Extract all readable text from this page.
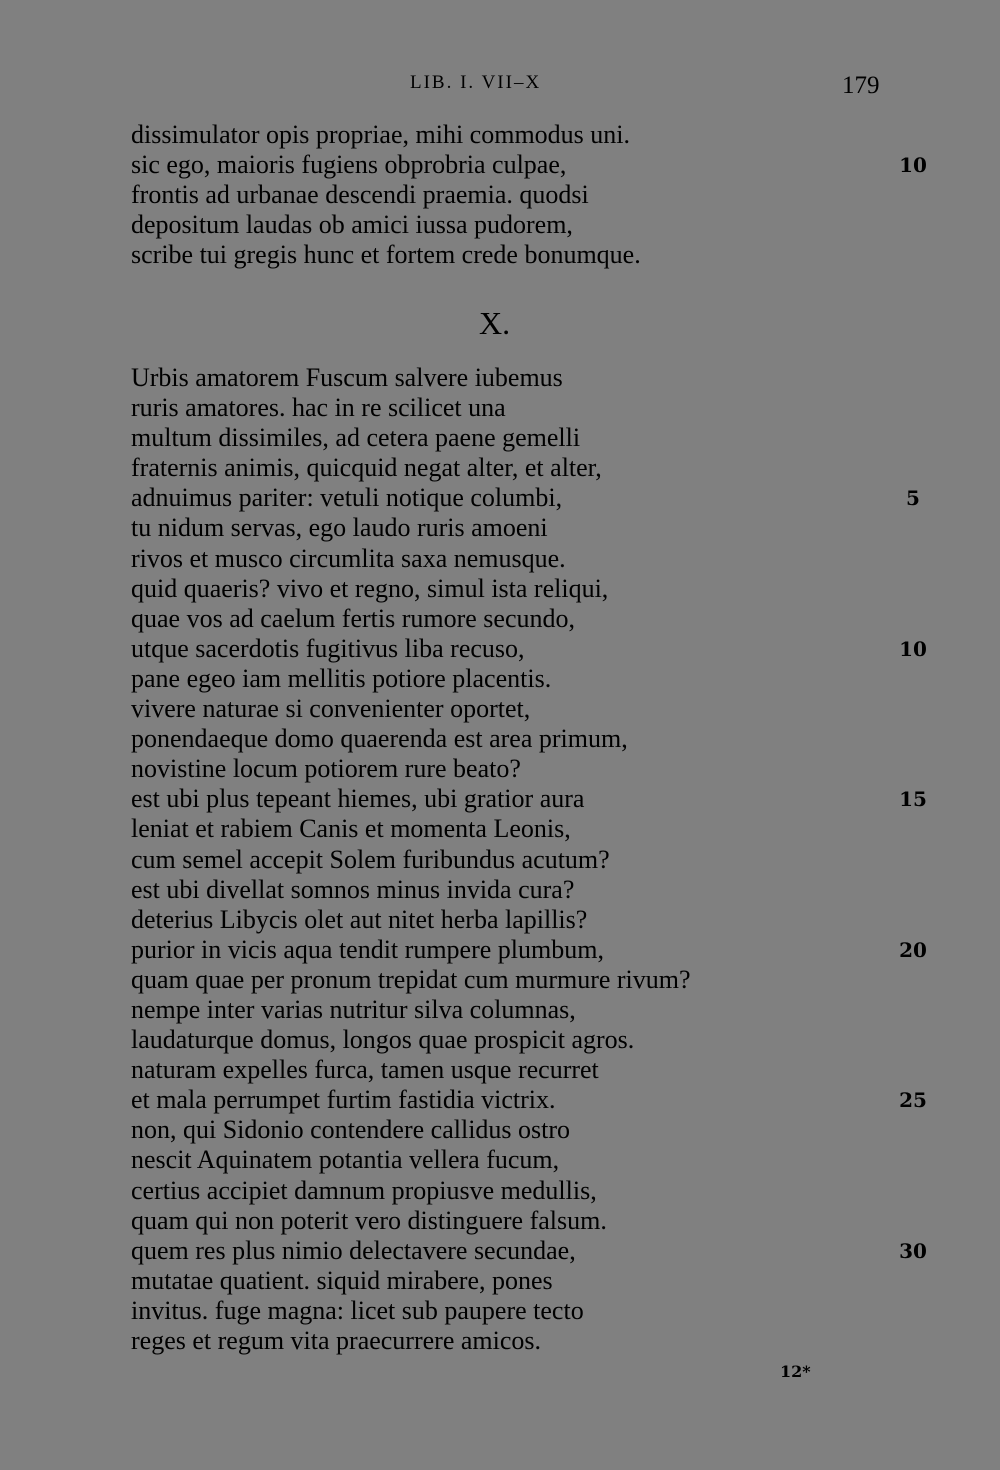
LIB. I. VII–X	179
dissimulator opis propriae, mihi commodus uni.
sic ego, maioris fugiens obprobria culpae,	10
frontis ad urbanae descendi praemia. quodsi
depositum laudas ob amici iussa pudorem,
scribe tui gregis hunc et fortem crede bonumque.
X.
Urbis amatorem Fuscum salvere iubemus
ruris amatores. hac in re scilicet una
multum dissimiles, ad cetera paene gemelli
fraternis animis, quicquid negat alter, et alter,
adnuimus pariter: vetuli notique columbi,	5
tu nidum servas, ego laudo ruris amoeni
rivos et musco circumlita saxa nemusque.
quid quaeris? vivo et regno, simul ista reliqui,
quae vos ad caelum fertis rumore secundo,
utque sacerdotis fugitivus liba recuso,	10
pane egeo iam mellitis potiore placentis.
vivere naturae si convenienter oportet,
ponendaeque domo quaerenda est area primum,
novistine locum potiorem rure beato?
est ubi plus tepeant hiemes, ubi gratior aura	15
leniat et rabiem Canis et momenta Leonis,
cum semel accepit Solem furibundus acutum?
est ubi divellat somnos minus invida cura?
deterius Libycis olet aut nitet herba lapillis?
purior in vicis aqua tendit rumpere plumbum,	20
quam quae per pronum trepidat cum murmure rivum?
nempe inter varias nutritur silva columnas,
laudaturque domus, longos quae prospicit agros.
naturam expelles furca, tamen usque recurret
et mala perrumpet furtim fastidia victrix.	25
non, qui Sidonio contendere callidus ostro
nescit Aquinatem potantia vellera fucum,
certius accipiet damnum propiusve medullis,
quam qui non poterit vero distinguere falsum.
quem res plus nimio delectavere secundae,	30
mutatae quatient. siquid mirabere, pones
invitus. fuge magna: licet sub paupere tecto
reges et regum vita praecurrere amicos.
12*
